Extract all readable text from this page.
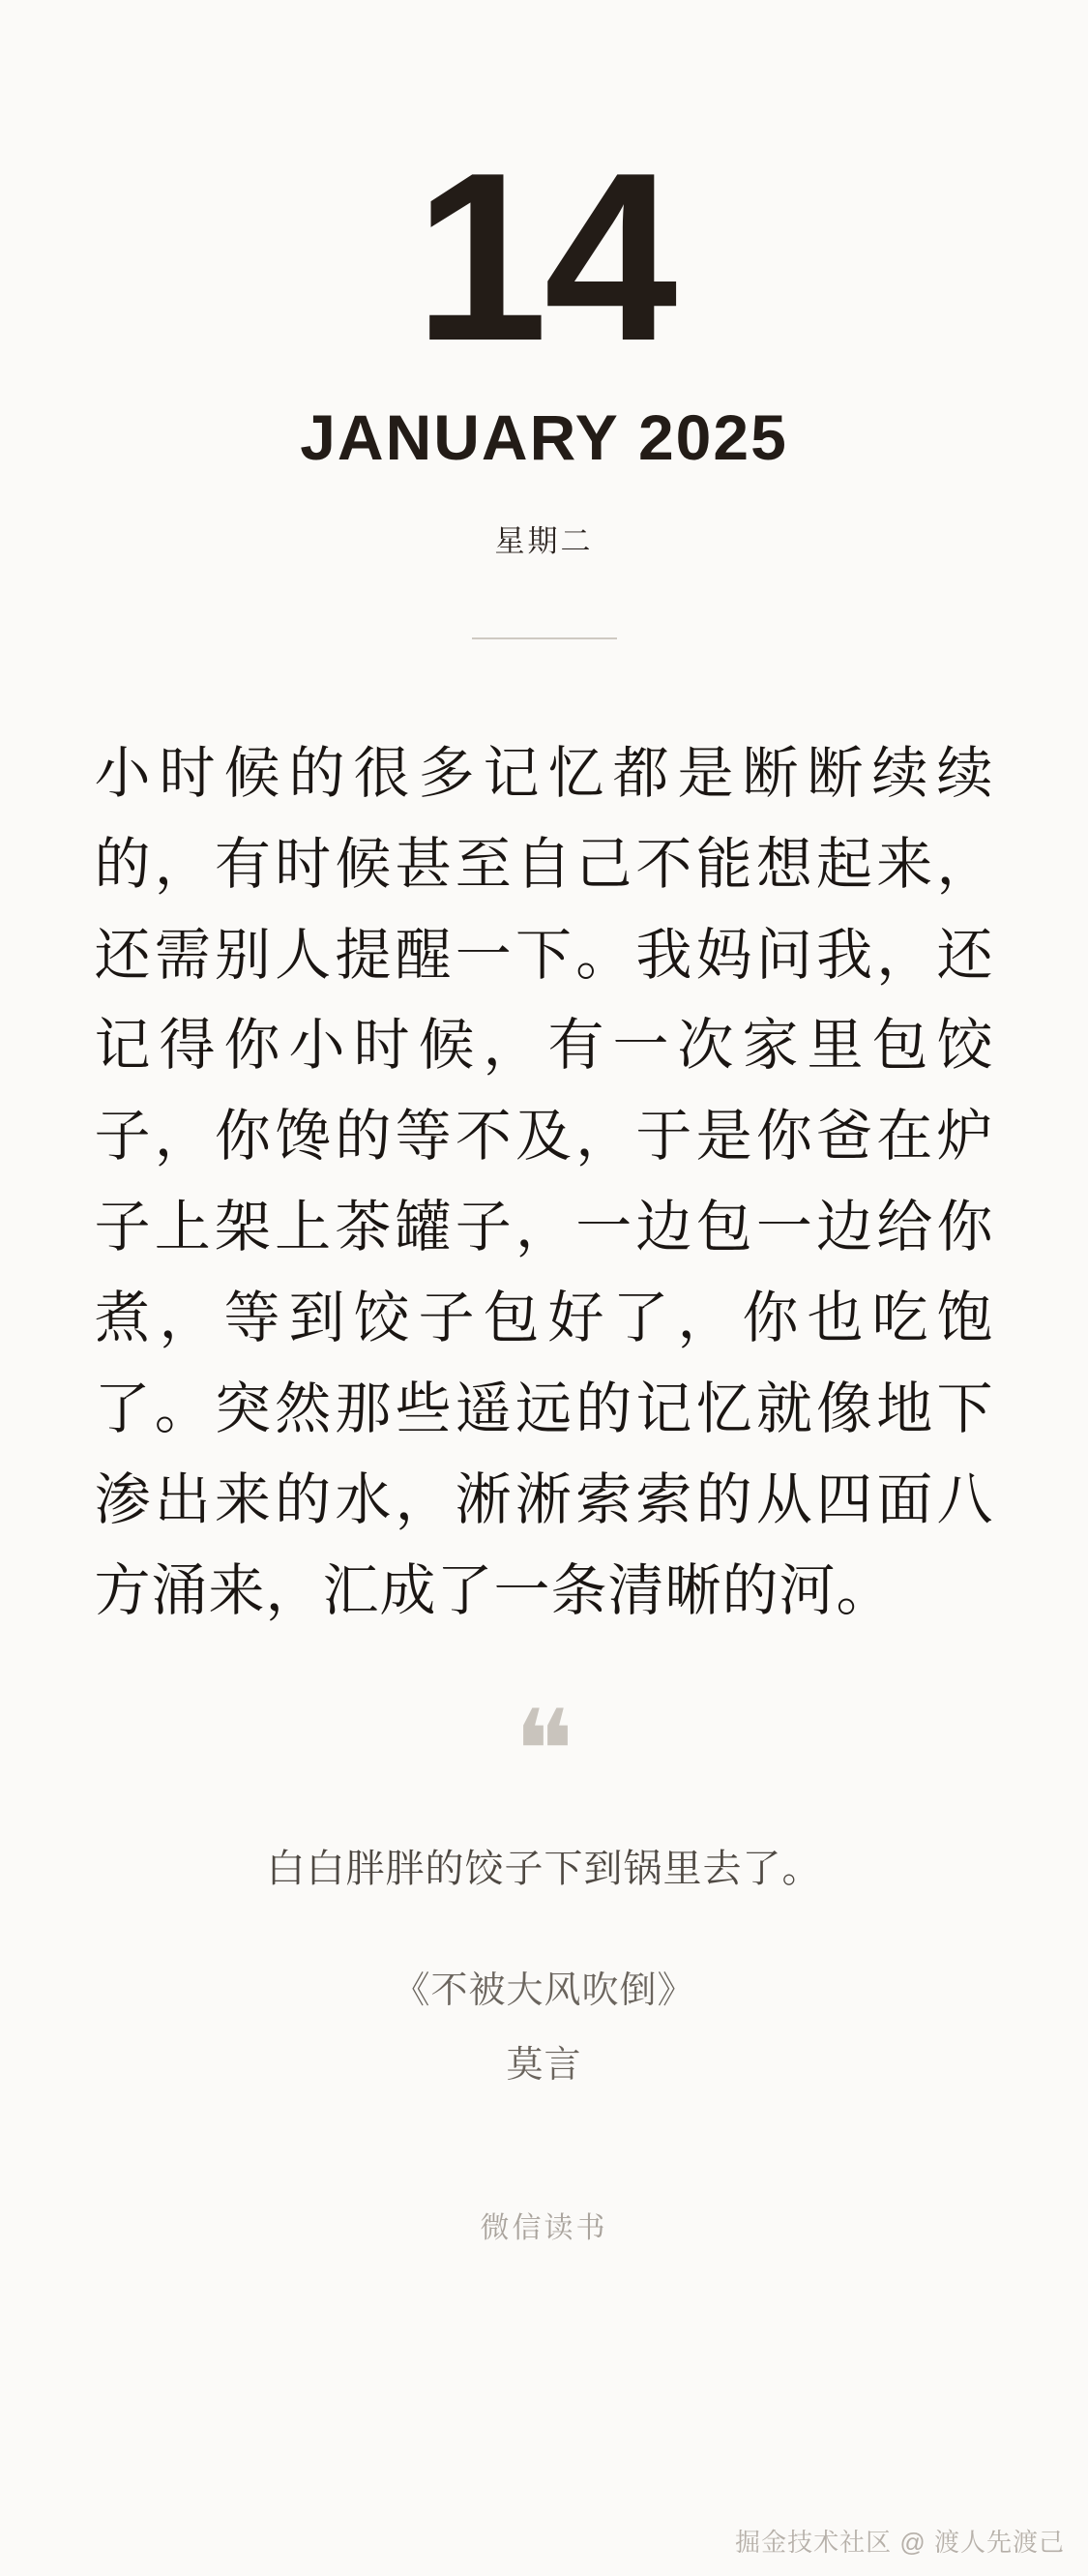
14
JANUARY 2025
星期二
小时候的很多记忆都是断断续续的，有时候甚至自己不能想起来，还需别人提醒一下。我妈问我，还记得你小时候，有一次家里包饺子，你馋的等不及，于是你爸在炉子上架上茶罐子，一边包一边给你煮，等到饺子包好了，你也吃饱了。突然那些遥远的记忆就像地下渗出来的水，淅淅索索的从四面八方涌来，汇成了一条清晰的河。
❝
白白胖胖的饺子下到锅里去了。
《不被大风吹倒》
莫言
微信读书
掘金技术社区 @ 渡人先渡己
